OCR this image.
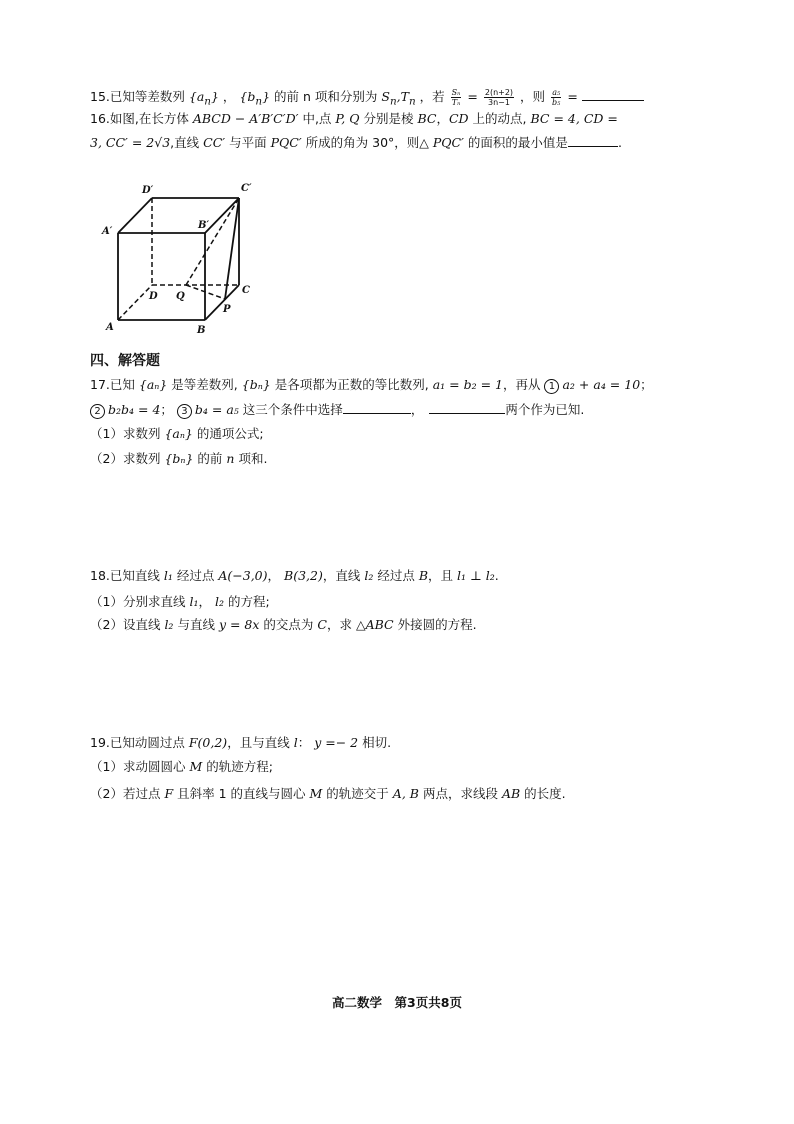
15.已知等差数列 $\{a_n\}$ ， $\{b_n\}$ 的前 n 项和分别为 $S_n,T_n$ ，若 $\frac{\text{Sₙ}}{\text{Tₙ}} = \frac{2(n+2)}{3n-1}$ ，则 $\frac{\text{a₅}}{\text{b₅}}$ =
16.如图,在长方体 ABCD − A′B′C′D′ 中,点 P, Q 分别是棱 BC，CD 上的动点, BC = 4, CD =
3, CC′ = 2√3,直线 CC′ 与平面 PQC′ 所成的角为 30°，则△ PQC′ 的面积的最小值是	.
D′	C′
A′
B′
D Q
C
A	B
P
四、解答题
17.已知 {aₙ} 是等差数列, {bₙ} 是各项都为正数的等比数列, a₁ = b₂ = 1，再从 1 a₂ + a₄ = 10；
2 b₂b₄ = 4； 3 b₄ = a₅ 这三个条件中选择	，	两个作为已知.
（1）求数列 {aₙ} 的通项公式;
（2）求数列 {bₙ} 的前 n 项和.
18.已知直线 l₁ 经过点 A(−3,0)， B(3,2)，直线 l₂ 经过点 B，且 l₁ ⊥ l₂.
（1）分别求直线 l₁， l₂ 的方程;
（2）设直线 l₂ 与直线 y = 8x 的交点为 C，求 △ABC 外接圆的方程.
19.已知动圆过点 F(0,2)，且与直线 l： y =− 2 相切.
（1）求动圆圆心 M 的轨迹方程;
（2）若过点 F 且斜率 1 的直线与圆心 M 的轨迹交于 A, B 两点，求线段 AB 的长度.
高二数学　第3页共8页
